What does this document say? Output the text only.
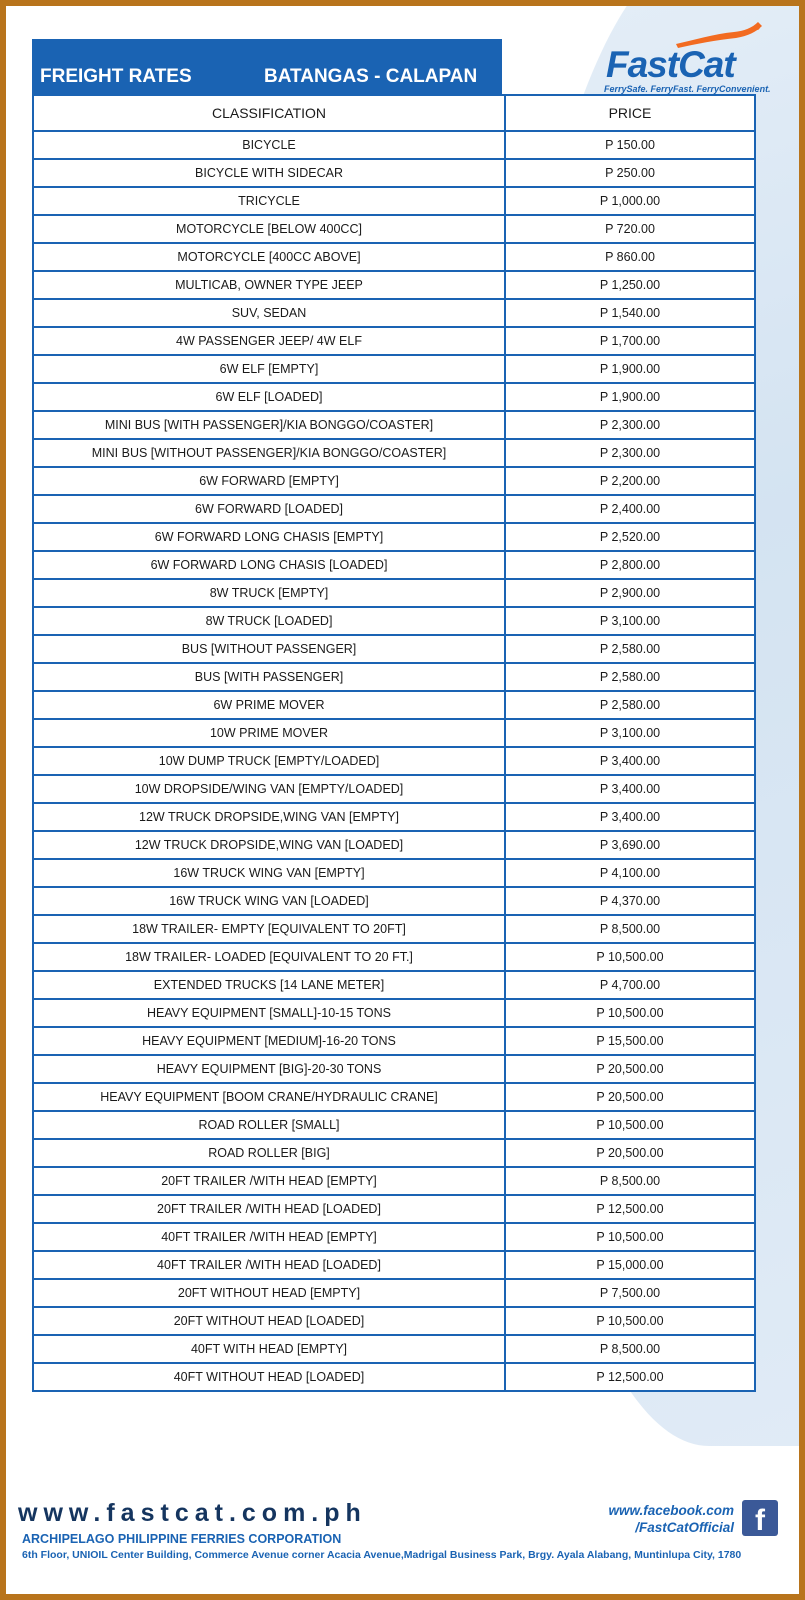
FREIGHT RATES	BATANGAS - CALAPAN	FastCat
FerrySafe. FerryFast. FerryConvenient.
CLASSIFICATION	PRICE
BICYCLE	P 150.00
BICYCLE WITH SIDECAR	P 250.00
TRICYCLE	P 1,000.00
MOTORCYCLE [BELOW 400CC]	P 720.00
MOTORCYCLE [400CC ABOVE]	P 860.00
MULTICAB, OWNER TYPE JEEP	P 1,250.00
SUV, SEDAN	P 1,540.00
4W PASSENGER JEEP/ 4W ELF	P 1,700.00
6W ELF [EMPTY]	P 1,900.00
6W ELF [LOADED]	P 1,900.00
MINI BUS [WITH PASSENGER]/KIA BONGGO/COASTER]	P 2,300.00
MINI BUS [WITHOUT PASSENGER]/KIA BONGGO/COASTER]	P 2,300.00
6W FORWARD [EMPTY]	P 2,200.00
6W FORWARD [LOADED]	P 2,400.00
6W FORWARD LONG CHASIS [EMPTY]	P 2,520.00
6W FORWARD LONG CHASIS [LOADED]	P 2,800.00
8W TRUCK [EMPTY]	P 2,900.00
8W TRUCK [LOADED]	P 3,100.00
BUS [WITHOUT PASSENGER]	P 2,580.00
BUS [WITH PASSENGER]	P 2,580.00
6W PRIME MOVER	P 2,580.00
10W PRIME MOVER	P 3,100.00
10W DUMP TRUCK [EMPTY/LOADED]	P 3,400.00
10W DROPSIDE/WING VAN [EMPTY/LOADED]	P 3,400.00
12W TRUCK DROPSIDE,WING VAN [EMPTY]	P 3,400.00
12W TRUCK DROPSIDE,WING VAN [LOADED]	P 3,690.00
16W TRUCK WING VAN [EMPTY]	P 4,100.00
16W TRUCK WING VAN [LOADED]	P 4,370.00
18W TRAILER- EMPTY [EQUIVALENT TO 20FT]	P 8,500.00
18W TRAILER- LOADED [EQUIVALENT TO 20 FT.]	P 10,500.00
EXTENDED TRUCKS [14 LANE METER]	P 4,700.00
HEAVY EQUIPMENT [SMALL]-10-15 TONS	P 10,500.00
HEAVY EQUIPMENT [MEDIUM]-16-20 TONS	P 15,500.00
HEAVY EQUIPMENT [BIG]-20-30 TONS	P 20,500.00
HEAVY EQUIPMENT [BOOM CRANE/HYDRAULIC CRANE]	P 20,500.00
ROAD ROLLER [SMALL]	P 10,500.00
ROAD ROLLER [BIG]	P 20,500.00
20FT TRAILER /WITH HEAD [EMPTY]	P 8,500.00
20FT TRAILER /WITH HEAD [LOADED]	P 12,500.00
40FT TRAILER /WITH HEAD [EMPTY]	P 10,500.00
40FT TRAILER /WITH HEAD [LOADED]	P 15,000.00
20FT WITHOUT HEAD [EMPTY]	P 7,500.00
20FT WITHOUT HEAD [LOADED]	P 10,500.00
40FT WITH HEAD [EMPTY]	P 8,500.00
40FT WITHOUT HEAD [LOADED]	P 12,500.00
www.fastcat.com.ph
ARCHIPELAGO PHILIPPINE FERRIES CORPORATION
6th Floor, UNIOIL Center Building, Commerce Avenue corner Acacia Avenue,Madrigal Business Park, Brgy. Ayala Alabang, Muntinlupa City, 1780
www.facebook.com
/FastCatOfficial f
